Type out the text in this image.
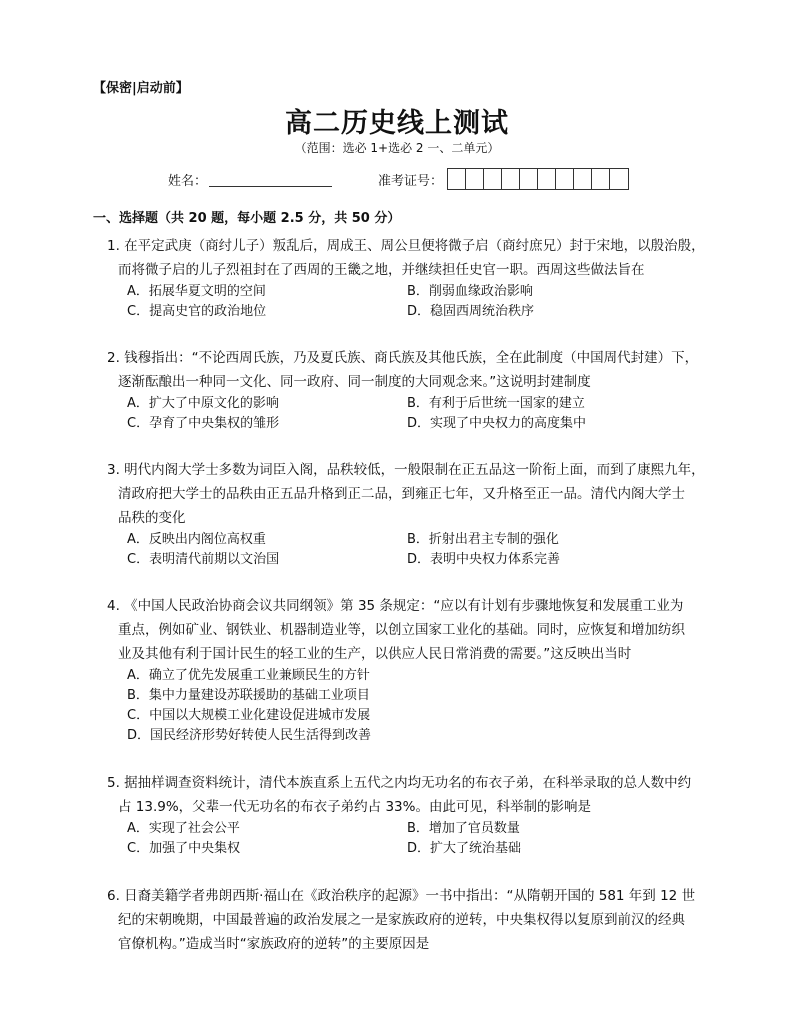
【保密|启动前】
高二历史线上测试
（范围：选必 1+选必 2 一、二单元）
姓名：	准考证号：
一、选择题（共 20 题，每小题 2.5 分，共 50 分）
1. 在平定武庚（商纣儿子）叛乱后，周成王、周公旦便将微子启（商纣庶兄）封于宋地，以殷治殷，
而将微子启的儿子烈祖封在了西周的王畿之地，并继续担任史官一职。西周这些做法旨在
A．拓展华夏文明的空间	B．削弱血缘政治影响
C．提高史官的政治地位	D．稳固西周统治秩序
2. 钱穆指出：“不论西周氏族，乃及夏氏族、商氏族及其他氏族，全在此制度（中国周代封建）下，
逐渐酝酿出一种同一文化、同一政府、同一制度的大同观念来。”这说明封建制度
A．扩大了中原文化的影响	B．有利于后世统一国家的建立
C．孕育了中央集权的雏形	D．实现了中央权力的高度集中
3. 明代内阁大学士多数为词臣入阁，品秩较低，一般限制在正五品这一阶衔上面，而到了康熙九年，
清政府把大学士的品秩由正五品升格到正二品，到雍正七年，又升格至正一品。清代内阁大学士
品秩的变化
A．反映出内阁位高权重	B．折射出君主专制的强化
C．表明清代前期以文治国	D．表明中央权力体系完善
4. 《中国人民政治协商会议共同纲领》第 35 条规定：“应以有计划有步骤地恢复和发展重工业为
重点，例如矿业、钢铁业、机器制造业等，以创立国家工业化的基础。同时，应恢复和增加纺织
业及其他有利于国计民生的轻工业的生产，以供应人民日常消费的需要。”这反映出当时
A．确立了优先发展重工业兼顾民生的方针
B．集中力量建设苏联援助的基础工业项目
C．中国以大规模工业化建设促进城市发展
D．国民经济形势好转使人民生活得到改善
5. 据抽样调查资料统计，清代本族直系上五代之内均无功名的布衣子弟，在科举录取的总人数中约
占 13.9%，父辈一代无功名的布衣子弟约占 33%。由此可见，科举制的影响是
A．实现了社会公平	B．增加了官员数量
C．加强了中央集权	D．扩大了统治基础
6. 日裔美籍学者弗朗西斯·福山在《政治秩序的起源》一书中指出：“从隋朝开国的 581 年到 12 世
纪的宋朝晚期，中国最普遍的政治发展之一是家族政府的逆转，中央集权得以复原到前汉的经典
官僚机构。”造成当时“家族政府的逆转”的主要原因是
